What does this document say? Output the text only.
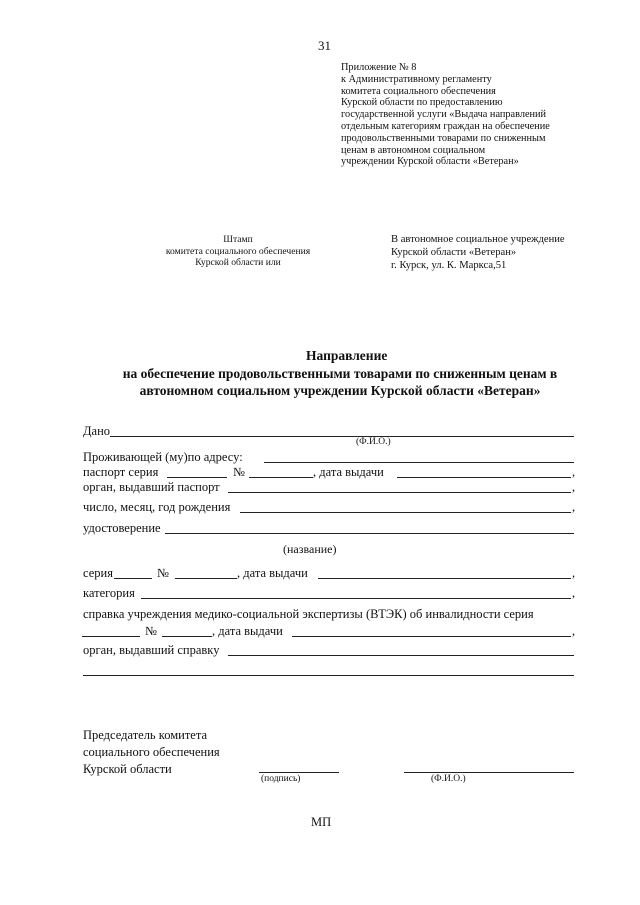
31
Приложение № 8
к Административному регламенту
комитета социального обеспечения
Курской области по предоставлению
государственной услуги «Выдача направлений
отдельным категориям граждан на обеспечение
продовольственными товарами по сниженным
ценам в автономном социальном
учреждении Курской области «Ветеран»
Штамп
комитета социального обеспечения
Курской области или
В автономное социальное учреждение
Курской области «Ветеран»
г. Курск, ул. К. Маркса,51
Направление
на обеспечение продовольственными товарами по сниженным ценам в
автономном социальном учреждении Курской области «Ветеран»
Дано
(Ф.И.О.)
Проживающей (му)по адресу:
паспорт серия	№	, дата выдачи	,
орган, выдавший паспорт	,
число, месяц, год рождения	,
удостоверение
(название)
серия	№	, дата выдачи	,
категория	,
справка учреждения медико-социальной экспертизы (ВТЭК) об инвалидности серия
№	, дата выдачи	,
орган, выдавший справку
Председатель комитета
социального обеспечения
Курской области
(подпись)	(Ф.И.О.)
МП
